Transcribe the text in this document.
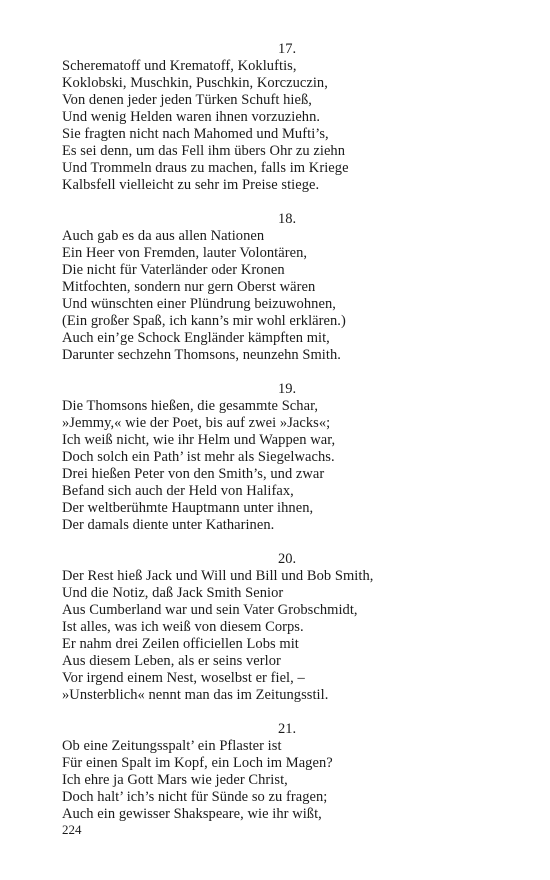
17.
Scherematoff und Krematoff, Kokluftis,
Koklobski, Muschkin, Puschkin, Korczuczin,
Von denen jeder jeden Türken Schuft hieß,
Und wenig Helden waren ihnen vorzuziehn.
Sie fragten nicht nach Mahomed und Mufti’s,
Es sei denn, um das Fell ihm übers Ohr zu ziehn
Und Trommeln draus zu machen, falls im Kriege
Kalbsfell vielleicht zu sehr im Preise stiege.
18.
Auch gab es da aus allen Nationen
Ein Heer von Fremden, lauter Volontären,
Die nicht für Vaterländer oder Kronen
Mitfochten, sondern nur gern Oberst wären
Und wünschten einer Plündrung beizuwohnen,
(Ein großer Spaß, ich kann’s mir wohl erklären.)
Auch ein’ge Schock Engländer kämpften mit,
Darunter sechzehn Thomsons, neunzehn Smith.
19.
Die Thomsons hießen, die gesammte Schar,
»Jemmy,« wie der Poet, bis auf zwei »Jacks«;
Ich weiß nicht, wie ihr Helm und Wappen war,
Doch solch ein Path’ ist mehr als Siegelwachs.
Drei hießen Peter von den Smith’s, und zwar
Befand sich auch der Held von Halifax,
Der weltberühmte Hauptmann unter ihnen,
Der damals diente unter Katharinen.
20.
Der Rest hieß Jack und Will und Bill und Bob Smith,
Und die Notiz, daß Jack Smith Senior
Aus Cumberland war und sein Vater Grobschmidt,
Ist alles, was ich weiß von diesem Corps.
Er nahm drei Zeilen officiellen Lobs mit
Aus diesem Leben, als er seins verlor
Vor irgend einem Nest, woselbst er fiel, –
»Unsterblich« nennt man das im Zeitungsstil.
21.
Ob eine Zeitungsspalt’ ein Pflaster ist
Für einen Spalt im Kopf, ein Loch im Magen?
Ich ehre ja Gott Mars wie jeder Christ,
Doch halt’ ich’s nicht für Sünde so zu fragen;
Auch ein gewisser Shakspeare, wie ihr wißt,
224
